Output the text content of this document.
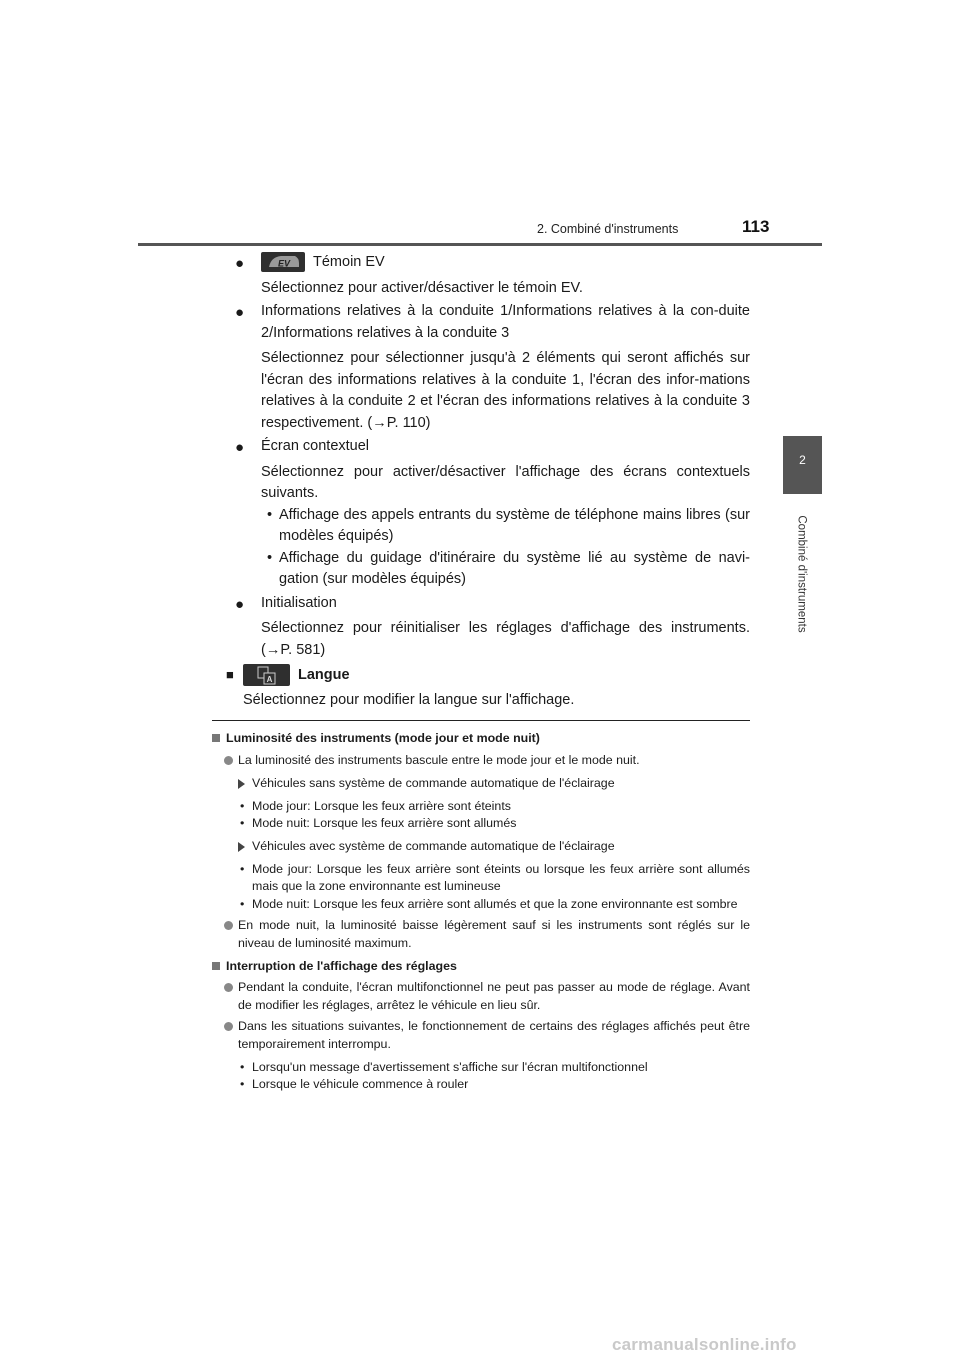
2. Combiné d'instruments	113
2
Combiné d'instruments
●	EV Témoin EV
Sélectionnez pour activer/désactiver le témoin EV.
● Informations relatives à la conduite 1/Informations relatives à la con-duite 2/Informations relatives à la conduite 3
Sélectionnez pour sélectionner jusqu'à 2 éléments qui seront affichés sur l'écran des informations relatives à la conduite 1, l'écran des infor-mations relatives à la conduite 2 et l'écran des informations relatives à la conduite 3 respectivement. (→P. 110)
● Écran contextuel
Sélectionnez pour activer/désactiver l'affichage des écrans contextuels suivants.
• Affichage des appels entrants du système de téléphone mains libres (sur modèles équipés)
• Affichage du guidage d'itinéraire du système lié au système de navi-gation (sur modèles équipés)
● Initialisation
Sélectionnez pour réinitialiser les réglages d'affichage des instruments. (→P. 581)
■	A Langue
Sélectionnez pour modifier la langue sur l'affichage.
Luminosité des instruments (mode jour et mode nuit)
La luminosité des instruments bascule entre le mode jour et le mode nuit.
Véhicules sans système de commande automatique de l'éclairage
• Mode jour: Lorsque les feux arrière sont éteints
• Mode nuit: Lorsque les feux arrière sont allumés
Véhicules avec système de commande automatique de l'éclairage
• Mode jour: Lorsque les feux arrière sont éteints ou lorsque les feux arrière sont allumés mais que la zone environnante est lumineuse
• Mode nuit: Lorsque les feux arrière sont allumés et que la zone environnante est sombre
En mode nuit, la luminosité baisse légèrement sauf si les instruments sont réglés sur le niveau de luminosité maximum.
Interruption de l'affichage des réglages
Pendant la conduite, l'écran multifonctionnel ne peut pas passer au mode de réglage. Avant de modifier les réglages, arrêtez le véhicule en lieu sûr.
Dans les situations suivantes, le fonctionnement de certains des réglages affichés peut être temporairement interrompu.
• Lorsqu'un message d'avertissement s'affiche sur l'écran multifonctionnel
• Lorsque le véhicule commence à rouler
carmanualsonline.info
